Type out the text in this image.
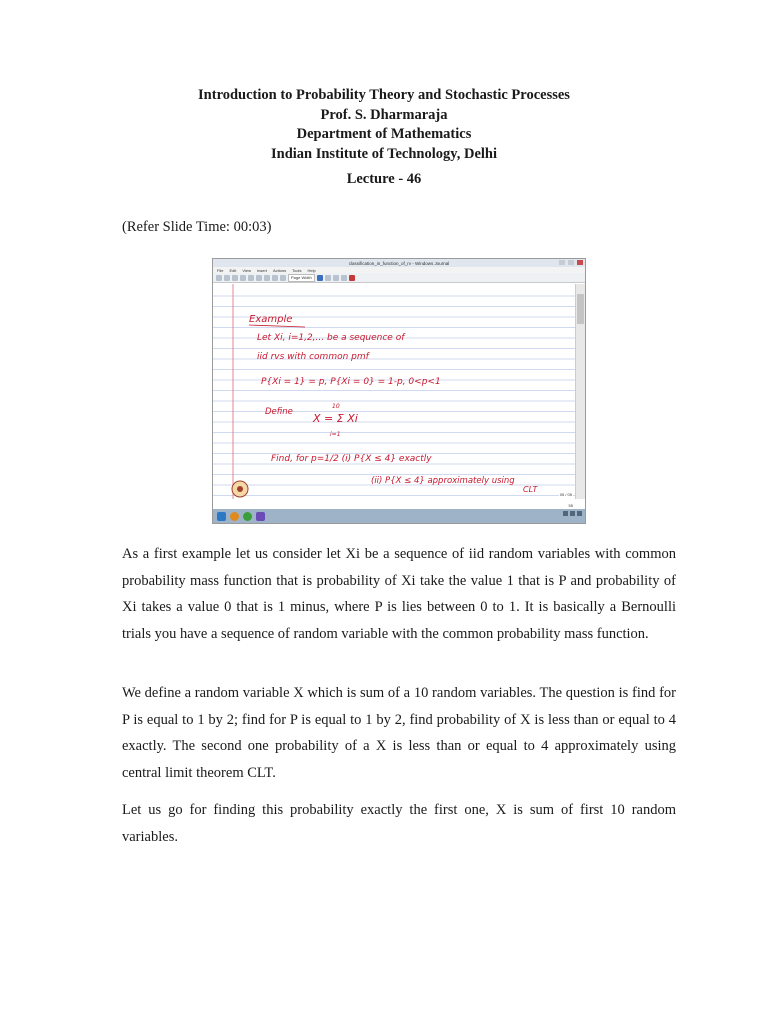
Introduction to Probability Theory and Stochastic Processes
Prof. S. Dharmaraja
Department of Mathematics
Indian Institute of Technology, Delhi
Lecture - 46
(Refer Slide Time: 00:03)
classification_in_function_of_rv - Windows Journal
File Edit View Insert Actions Tools Help
Page Width
Example
Let Xi, i=1,2,... be a sequence of
iid rvs with common pmf
P{Xi = 1} = p, P{Xi = 0} = 1-p, 0<p<1
Define X = Σ Xi
10
i=1
Find, for p=1/2 (i) P{X ≤ 4} exactly
(ii) P{X ≤ 4} approximately using
CLT
05 / 05
55

As a first example let us consider let Xi be a sequence of iid random variables with common probability mass function that is probability of Xi take the value 1 that is P and probability of Xi takes a value 0 that is 1 minus, where P is lies between 0 to 1. It is basically a Bernoulli trials you have a sequence of random variable with the common probability mass function.

We define a random variable X which is sum of a 10 random variables. The question is find for P is equal to 1 by 2; find for P is equal to 1 by 2, find probability of X is less than or equal to 4 exactly. The second one probability of a X is less than or equal to 4 approximately using central limit theorem CLT.

Let us go for finding this probability exactly the first one, X is sum of first 10 random variables.
